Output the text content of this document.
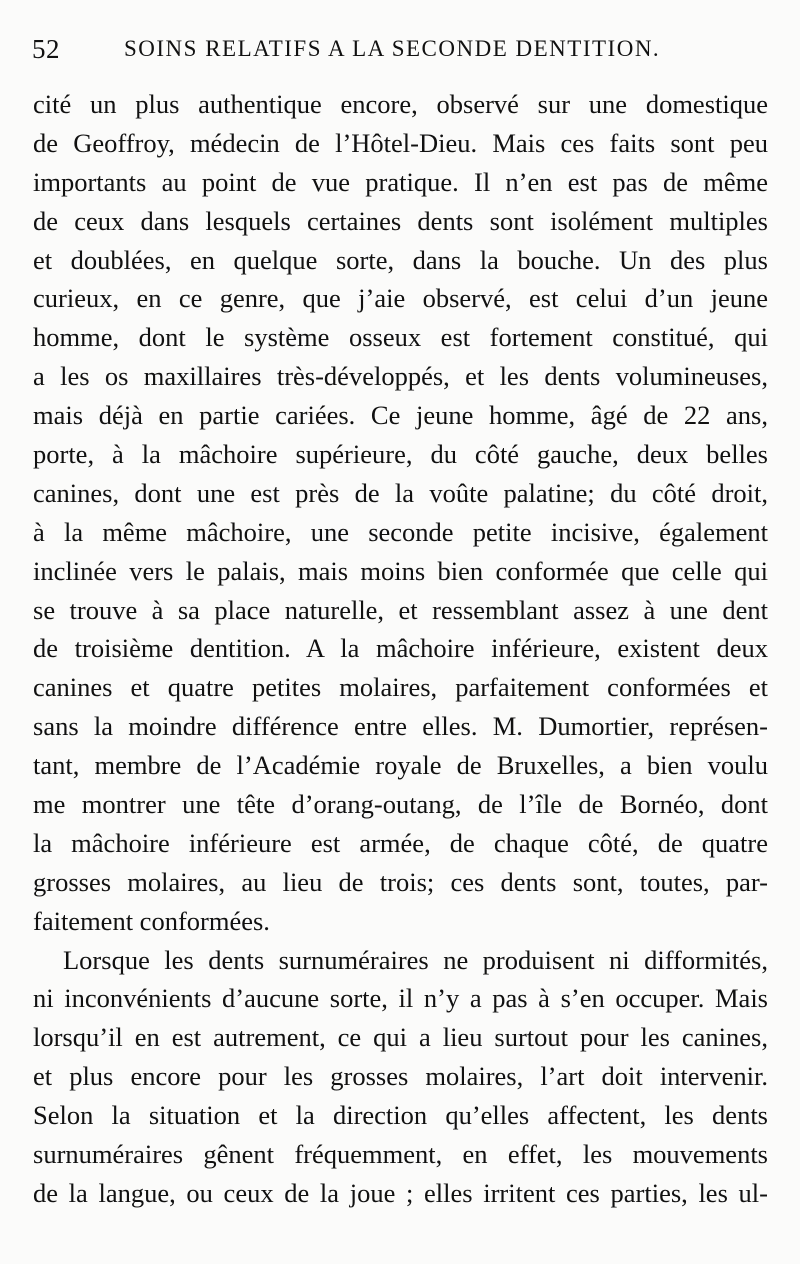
52	SOINS RELATIFS A LA SECONDE DENTITION.
cité un plus authentique encore, observé sur une domestique
de Geoffroy, médecin de l’Hôtel-Dieu. Mais ces faits sont peu
importants au point de vue pratique. Il n’en est pas de même
de ceux dans lesquels certaines dents sont isolément multiples
et doublées, en quelque sorte, dans la bouche. Un des plus
curieux, en ce genre, que j’aie observé, est celui d’un jeune
homme, dont le système osseux est fortement constitué, qui
a les os maxillaires très-développés, et les dents volumineuses,
mais déjà en partie cariées. Ce jeune homme, âgé de 22 ans,
porte, à la mâchoire supérieure, du côté gauche, deux belles
canines, dont une est près de la voûte palatine; du côté droit,
à la même mâchoire, une seconde petite incisive, également
inclinée vers le palais, mais moins bien conformée que celle qui
se trouve à sa place naturelle, et ressemblant assez à une dent
de troisième dentition. A la mâchoire inférieure, existent deux
canines et quatre petites molaires, parfaitement conformées et
sans la moindre différence entre elles. M. Dumortier, représen-
tant, membre de l’Académie royale de Bruxelles, a bien voulu
me montrer une tête d’orang-outang, de l’île de Bornéo, dont
la mâchoire inférieure est armée, de chaque côté, de quatre
grosses molaires, au lieu de trois; ces dents sont, toutes, par-
faitement conformées.
Lorsque les dents surnuméraires ne produisent ni difformités,
ni inconvénients d’aucune sorte, il n’y a pas à s’en occuper. Mais
lorsqu’il en est autrement, ce qui a lieu surtout pour les canines,
et plus encore pour les grosses molaires, l’art doit intervenir.
Selon la situation et la direction qu’elles affectent, les dents
surnuméraires gênent fréquemment, en effet, les mouvements
de la langue, ou ceux de la joue ; elles irritent ces parties, les ul-
